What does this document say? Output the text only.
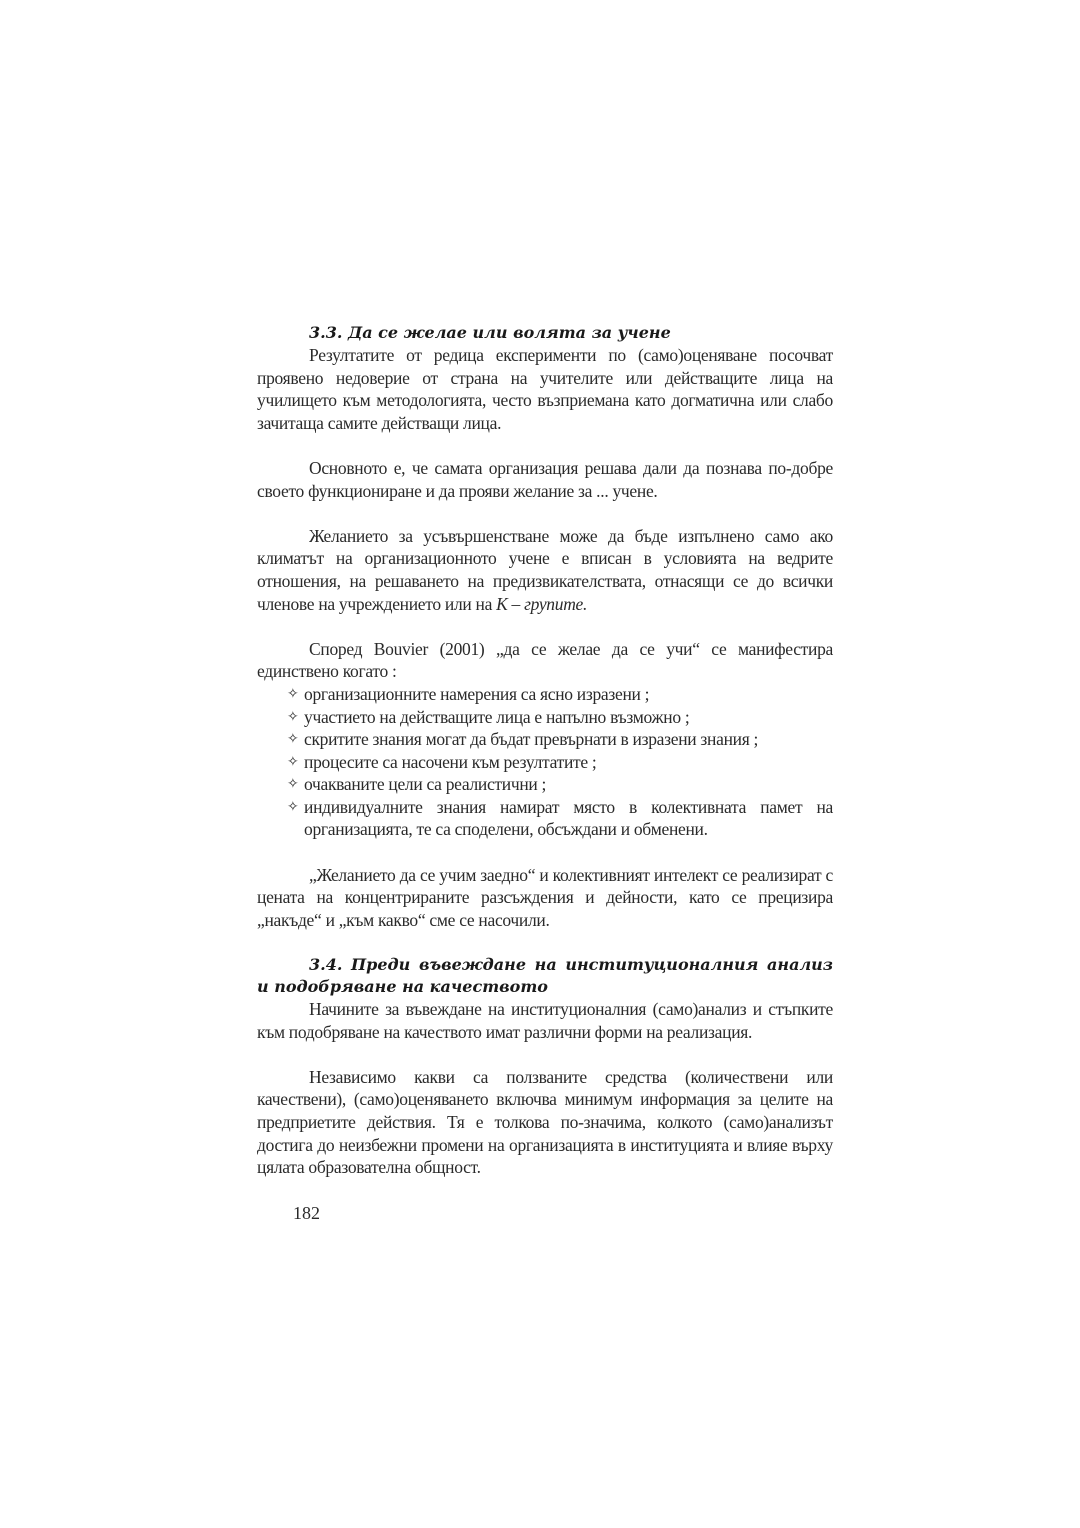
3.3. Да се желае или волята за учене

Резултатите от редица експерименти по (само)оценяване посочват проявено недоверие от страна на учителите или действащите лица на училището към методологията, често възприемана като догматична или слабо зачитаща самите действащи лица.

Основното е, че самата организация решава дали да познава по-добре своето функциониране и да прояви желание за ... учене.

Желанието за усъвършенстване може да бъде изпълнено само ако климатът на организационното учене е вписан в условията на ведрите отношения, на решаването на предизвикателствата, отнасящи се до всички членове на учреждението или на К – групите.

Според Bouvier (2001) „да се желае да се учи“ се манифестира единствено когато :

✧ организационните намерения са ясно изразени ;
✧ участието на действащите лица е напълно възможно ;
✧ скритите знания могат да бъдат превърнати в изразени знания ;
✧ процесите са насочени към резултатите ;
✧ очакваните цели са реалистични ;
✧ индивидуалните знания намират място в колективната памет на организацията, те са споделени, обсъждани и обменени.

„Желанието да се учим заедно“ и колективният интелект се реализират с цената на концентрираните разсъждения и дейности, като се прецизира „накъде“ и „към какво“ сме се насочили.

3.4. Преди въвеждане на институционалния анализ и подобряване на качеството

Начините за въвеждане на институционалния (само)анализ и стъпките към подобряване на качеството имат различни форми на реализация.

Независимо какви са ползваните средства (количествени или качествени), (само)оценяването включва минимум информация за целите на предприетите действия. Тя е толкова по-значима, колкото (само)анализът достига до неизбежни промени на организацията в институцията и влияе върху цялата образователна общност.

182
